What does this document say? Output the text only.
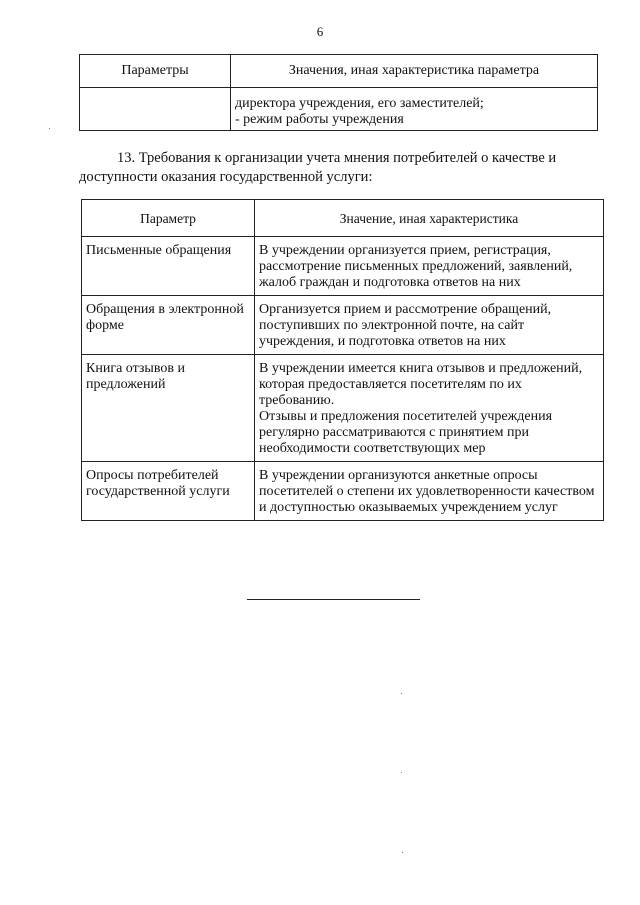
6
Параметры	Значения, иная характеристика параметра

	директора учреждения, его заместителей;
- режим работы учреждения
13. Требования к организации учета мнения потребителей о качестве и доступности оказания государственной услуги:
Параметр	Значение, иная характеристика
Письменные обращения	В учреждении организуется прием, регистрация, рассмотрение письменных предложений, заявлений, жалоб граждан и подготовка ответов на них
Обращения в электронной форме	Организуется прием и рассмотрение обращений, поступивших по электронной почте, на сайт учреждения, и подготовка ответов на них
Книга отзывов и предложений	В учреждении имеется книга отзывов и предложений, которая предоставляется посетителям по их требованию.
Отзывы и предложения посетителей учреждения регулярно рассматриваются с принятием при необходимости соответствующих мер

Опросы потребителей государственной услуги	В учреждении организуются анкетные опросы посетителей о степени их удовлетворенности качеством и доступностью оказываемых учреждением услуг
